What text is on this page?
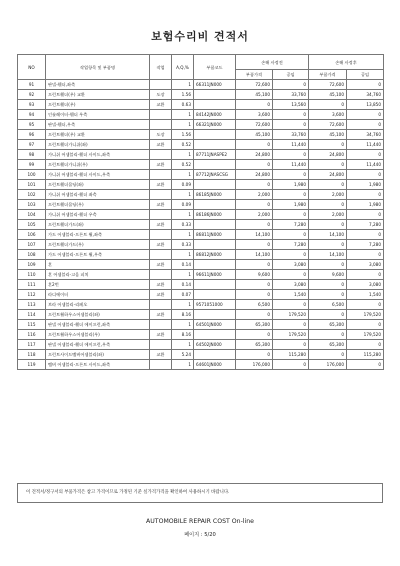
보험수리비 견적서
NO	작업항목 및 부품명	작업	A,Q,%	부품코드	손해 사정전		손해 사정후	
					부품가격	공임	부품가격	공임
91	판넬-휀더,좌측		1	66311JN000	72,600	0	72,600	0
92	프런트휀더(우) 교환	도장	1.56		45,100	33,760	45,100	34,760
93	프런트휀더(우)	교환	0.63		0	13,560	0	13,850
94	인슐레이터-휀더 우측		1	84142JN000	3,600	0	3,600	0
95	판넬-휀더,우측		1	66321JN000	72,600	0	72,600	0
96	프런트휀더(우) 교환	도장	1.56		45,100	33,760	45,100	34,760
97	프런트휀더가니쉬(좌)	교환	0.52		0	11,440	0	11,440
98	가니쉬 어셈블리-휀더 사이드,좌측		1	87711JNASPE2	24,800	0	24,800	0
99	프런트휀더가니쉬(우)	교환	0.52		0	11,440	0	11,440
100	가니쉬 어셈블리-휀더 사이드,우측		1	87712JNASCSG	24,800	0	24,800	0
101	프런트휀더몰딩(좌)	교환	0.09		0	1,980	0	1,980
102	가니쉬 어셈블리-휀더 좌측		1	86185JN000	2,000	0	2,000	0
103	프런트휀더몰딩(우)	교환	0.09		0	1,980	0	1,980
104	가니쉬 어셈블리-휀더 우측		1	86186JN000	2,000	0	2,000	0
105	프런트휀더가드(좌)	교환	0.33		0	7,280	0	7,280
106	가드 어셈블리-프론트 휠,좌측		1	86811JN000	14,100	0	14,100	0
107	프런트휀더가드(우)	교환	0.33		0	7,280	0	7,280
108	가드 어셈블리-프론트 휠,우측		1	86812JN000	14,100	0	14,100	0
109	혼	교환	0.14		0	3,080	0	3,080
110	혼 어셈블리-고음 피치		1	96611JN000	9,600	0	9,600	0
111	혼2번	교환	0.14		0	3,080	0	3,080
112	라디에이터	교환	0.07		0	1,540	0	1,540
113	브라 어셈블리-리페오		1	9571051000	6,500	0	6,500	0
114	프런트휠하우스어셈블리(좌)	교환	8.16		0	179,520	0	179,520
115	판넬 어셈블리-휀더 에이프런,좌측		1	64501JN000	65,300	0	65,300	0
116	프런트휠하우스어셈블리(우)	교환	8.16		0	179,520	0	179,520
117	판넬 어셈블리-휀더 에이프런,우측		1	64502JN000	65,300	0	65,300	0
118	프런트사이드멤버어셈블리(좌)	교환	5.24		0	115,280	0	115,280
119	멤버 어셈블리-프론트 사이드,좌측		1	64601JN000	176,000	0	176,000	0
이 견적서/정구서의 부품가격은 참고 가격이므로 가정된 기준 실가격가격을 확인하여 사용하시기 바랍니다.
AUTOMOBILE REPAIR COST On-line
페이지 : 5/20
